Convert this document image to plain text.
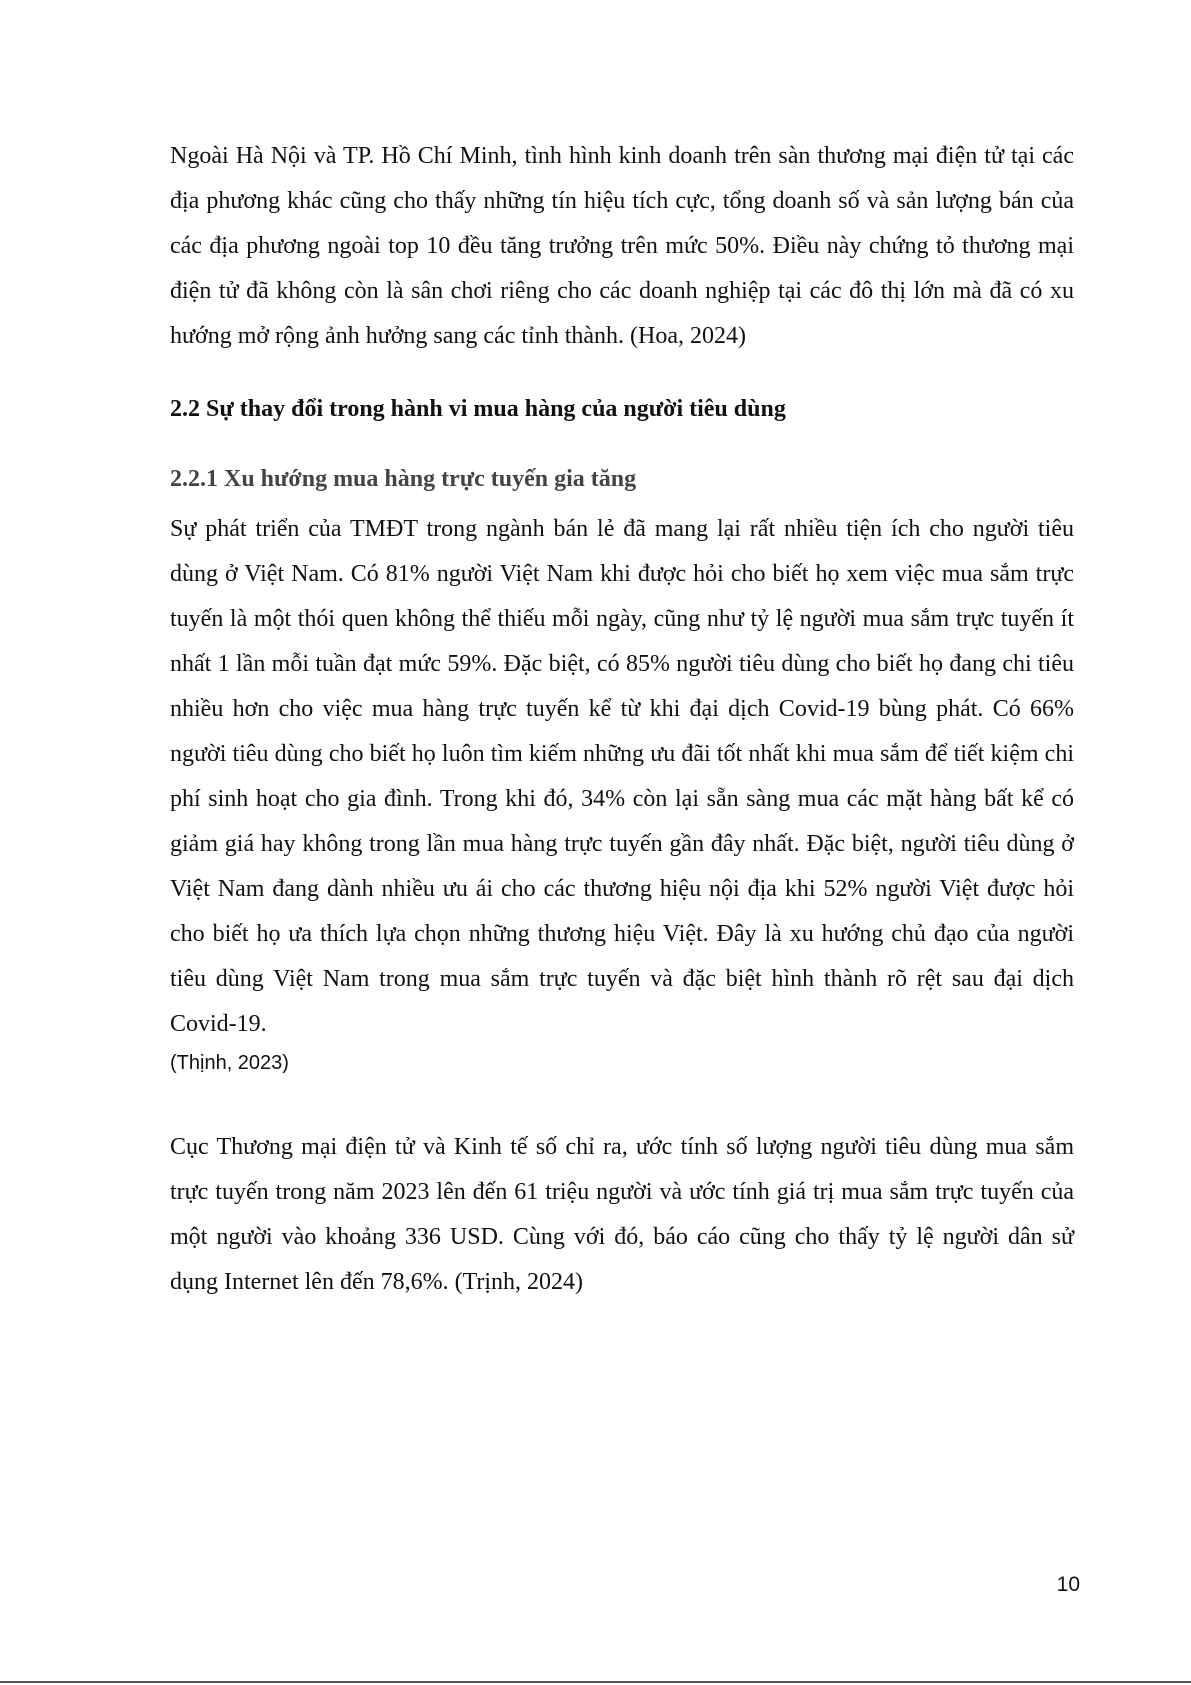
Ngoài Hà Nội và TP. Hồ Chí Minh, tình hình kinh doanh trên sàn thương mại điện tử tại các địa phương khác cũng cho thấy những tín hiệu tích cực, tổng doanh số và sản lượng bán của các địa phương ngoài top 10 đều tăng trưởng trên mức 50%. Điều này chứng tỏ thương mại điện tử đã không còn là sân chơi riêng cho các doanh nghiệp tại các đô thị lớn mà đã có xu hướng mở rộng ảnh hưởng sang các tỉnh thành. (Hoa, 2024)

2.2 Sự thay đổi trong hành vi mua hàng của người tiêu dùng
2.2.1 Xu hướng mua hàng trực tuyến gia tăng

Sự phát triển của TMĐT trong ngành bán lẻ đã mang lại rất nhiều tiện ích cho người tiêu dùng ở Việt Nam. Có 81% người Việt Nam khi được hỏi cho biết họ xem việc mua sắm trực tuyến là một thói quen không thể thiếu mỗi ngày, cũng như tỷ lệ người mua sắm trực tuyến ít nhất 1 lần mỗi tuần đạt mức 59%. Đặc biệt, có 85% người tiêu dùng cho biết họ đang chi tiêu nhiều hơn cho việc mua hàng trực tuyến kể từ khi đại dịch Covid-19 bùng phát. Có 66% người tiêu dùng cho biết họ luôn tìm kiếm những ưu đãi tốt nhất khi mua sắm để tiết kiệm chi phí sinh hoạt cho gia đình. Trong khi đó, 34% còn lại sẵn sàng mua các mặt hàng bất kể có giảm giá hay không trong lần mua hàng trực tuyến gần đây nhất. Đặc biệt, người tiêu dùng ở Việt Nam đang dành nhiều ưu ái cho các thương hiệu nội địa khi 52% người Việt được hỏi cho biết họ ưa thích lựa chọn những thương hiệu Việt. Đây là xu hướng chủ đạo của người tiêu dùng Việt Nam trong mua sắm trực tuyến và đặc biệt hình thành rõ rệt sau đại dịch Covid-19.

(Thịnh, 2023)

Cục Thương mại điện tử và Kinh tế số chỉ ra, ước tính số lượng người tiêu dùng mua sắm trực tuyến trong năm 2023 lên đến 61 triệu người và ước tính giá trị mua sắm trực tuyến của một người vào khoảng 336 USD. Cùng với đó, báo cáo cũng cho thấy tỷ lệ người dân sử dụng Internet lên đến 78,6%. (Trịnh, 2024)

10
